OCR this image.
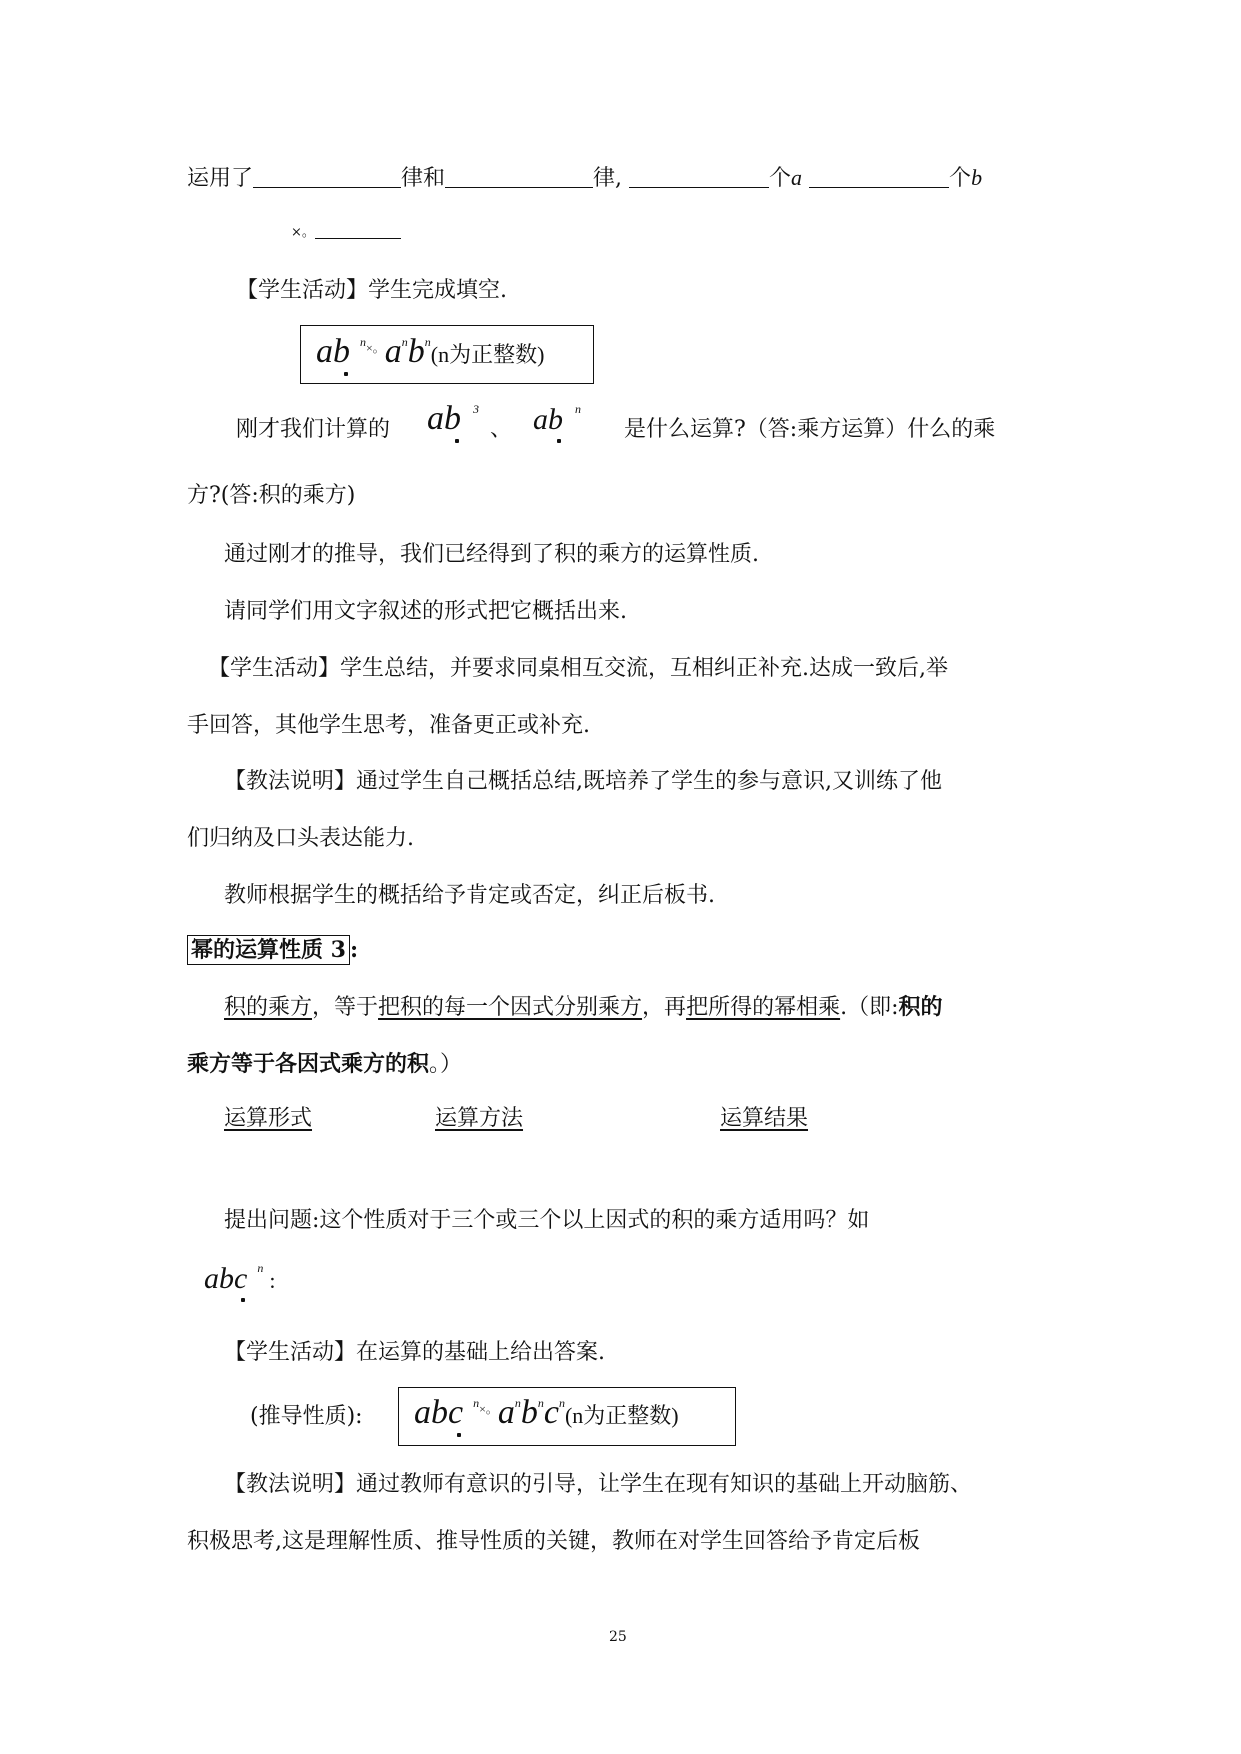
运用了	律和	律,	个a	个b
×。
【学生活动】学生完成填空.
ab $^{n\times。}a^nb^n(n$为正整数)
刚才我们计算的 ab $^3$
、 ab $^n$
是什么运算?（答:乘方运算）什么的乘
方?(答:积的乘方)
通过刚才的推导，我们已经得到了积的乘方的运算性质.
请同学们用文字叙述的形式把它概括出来.
【学生活动】学生总结，并要求同桌相互交流，互相纠正补充.达成一致后,举
手回答，其他学生思考，准备更正或补充.
【教法说明】通过学生自己概括总结,既培养了学生的参与意识,又训练了他
们归纳及口头表达能力.
教师根据学生的概括给予肯定或否定，纠正后板书.
幂的运算性质 3 :
积的乘方，等于把积的每一个因式分别乘方，再把所得的幂相乘.（即:积的
乘方等于各因式乘方的积。）
运算形式	运算方法	运算结果
提出问题:这个性质对于三个或三个以上因式的积的乘方适用吗？如
abc $^n$ :
【学生活动】在运算的基础上给出答案.
(推导性质): abc $^{n\times。}a^nb^nc^n(n$为正整数)
【教法说明】通过教师有意识的引导，让学生在现有知识的基础上开动脑筋、
积极思考,这是理解性质、推导性质的关键，教师在对学生回答给予肯定后板
25
